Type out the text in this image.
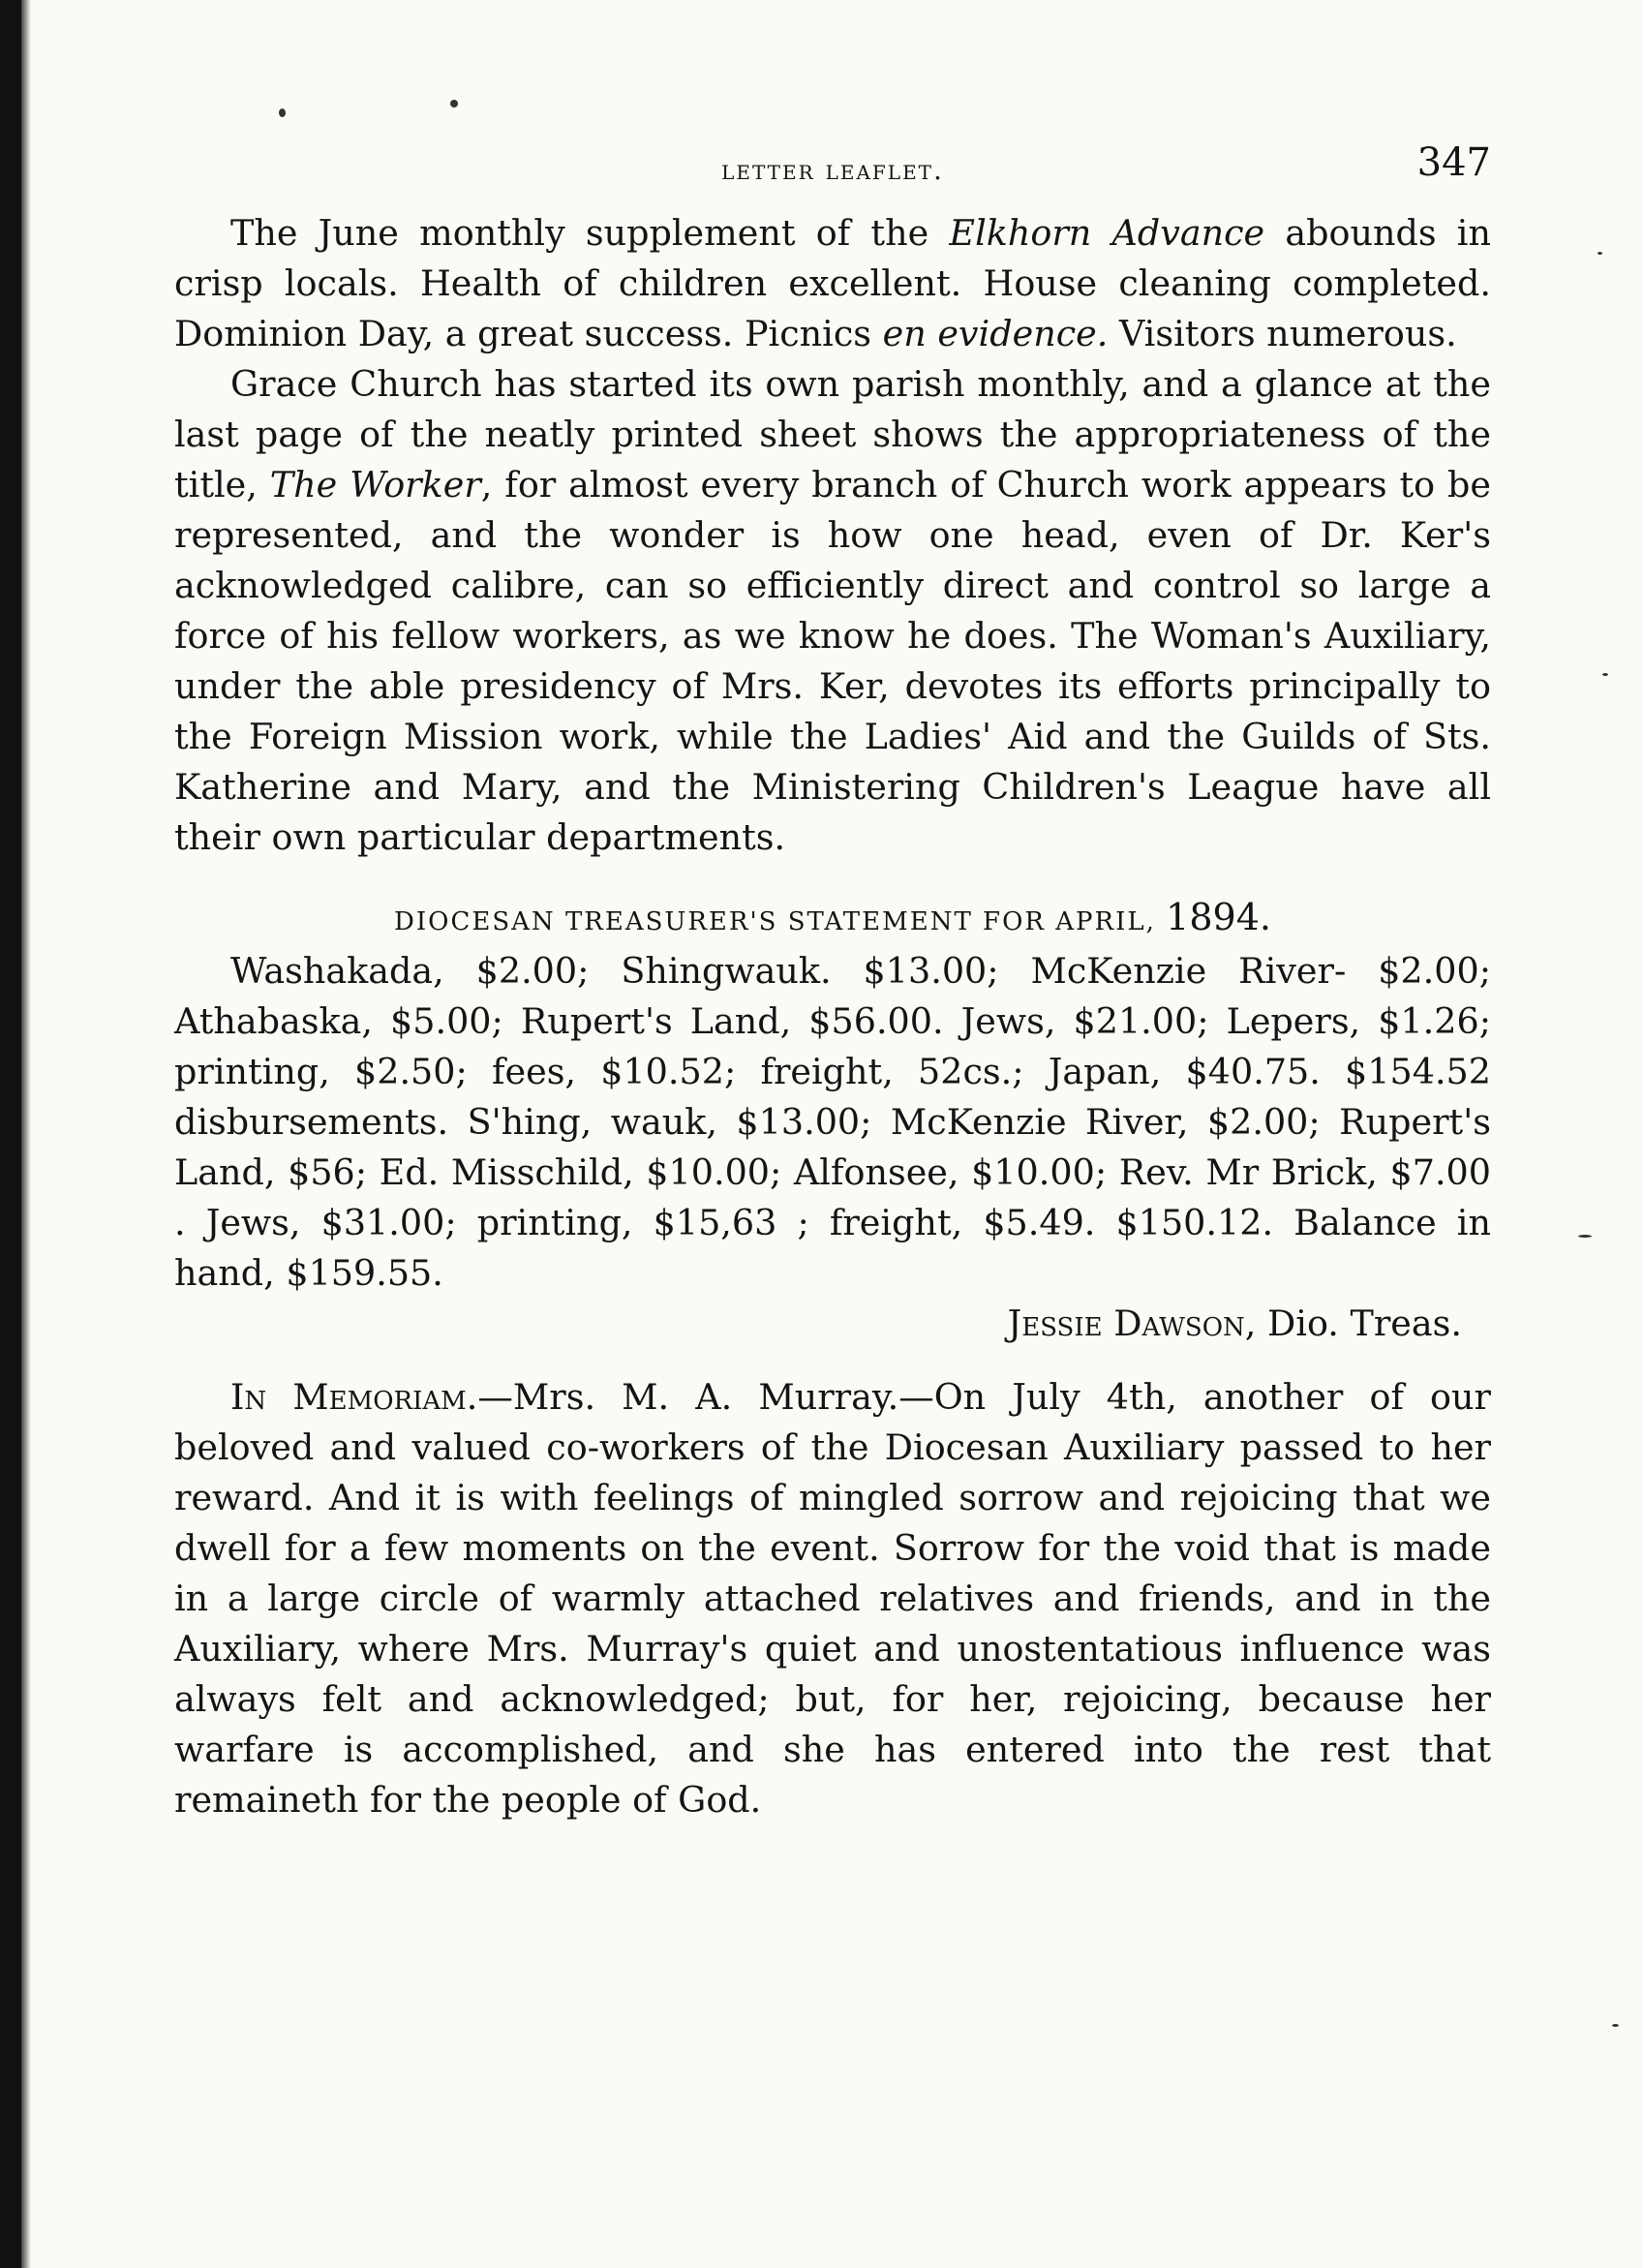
letter leaflet.	347

The June monthly supplement of the Elkhorn Advance abounds in crisp locals. Health of children excellent. House cleaning completed. Dominion Day, a great success. Picnics en evidence. Visitors numerous.

Grace Church has started its own parish monthly, and a glance at the last page of the neatly printed sheet shows the appropriateness of the title, The Worker, for almost every branch of Church work appears to be represented, and the wonder is how one head, even of Dr. Ker's acknowledged calibre, can so efficiently direct and control so large a force of his fellow workers, as we know he does. The Woman's Auxiliary, under the able presidency of Mrs. Ker, devotes its efforts principally to the Foreign Mission work, while the Ladies' Aid and the Guilds of Sts. Katherine and Mary, and the Ministering Children's League have all their own particular departments.

DIOCESAN TREASURER'S STATEMENT FOR APRIL, 1894.

Washakada, $2.00; Shingwauk. $13.00; McKenzie River- $2.00; Athabaska, $5.00; Rupert's Land, $56.00. Jews, $21.00; Lepers, $1.26; printing, $2.50; fees, $10.52; freight, 52cs.; Japan, $40.75. $154.52 disbursements. S'hing, wauk, $13.00; McKenzie River, $2.00; Rupert's Land, $56; Ed. Misschild, $10.00; Alfonsee, $10.00; Rev. Mr Brick, $7.00 . Jews, $31.00; printing, $15,63 ; freight, $5.49. $150.12. Balance in hand, $159.55.

Jessie Dawson, Dio. Treas.

In Memoriam.—Mrs. M. A. Murray.—On July 4th, another of our beloved and valued co-workers of the Diocesan Auxiliary passed to her reward. And it is with feelings of mingled sorrow and rejoicing that we dwell for a few moments on the event. Sorrow for the void that is made in a large circle of warmly attached relatives and friends, and in the Auxiliary, where Mrs. Murray's quiet and unostentatious influence was always felt and acknowledged; but, for her, rejoicing, because her warfare is accomplished, and she has entered into the rest that remaineth for the people of God.
